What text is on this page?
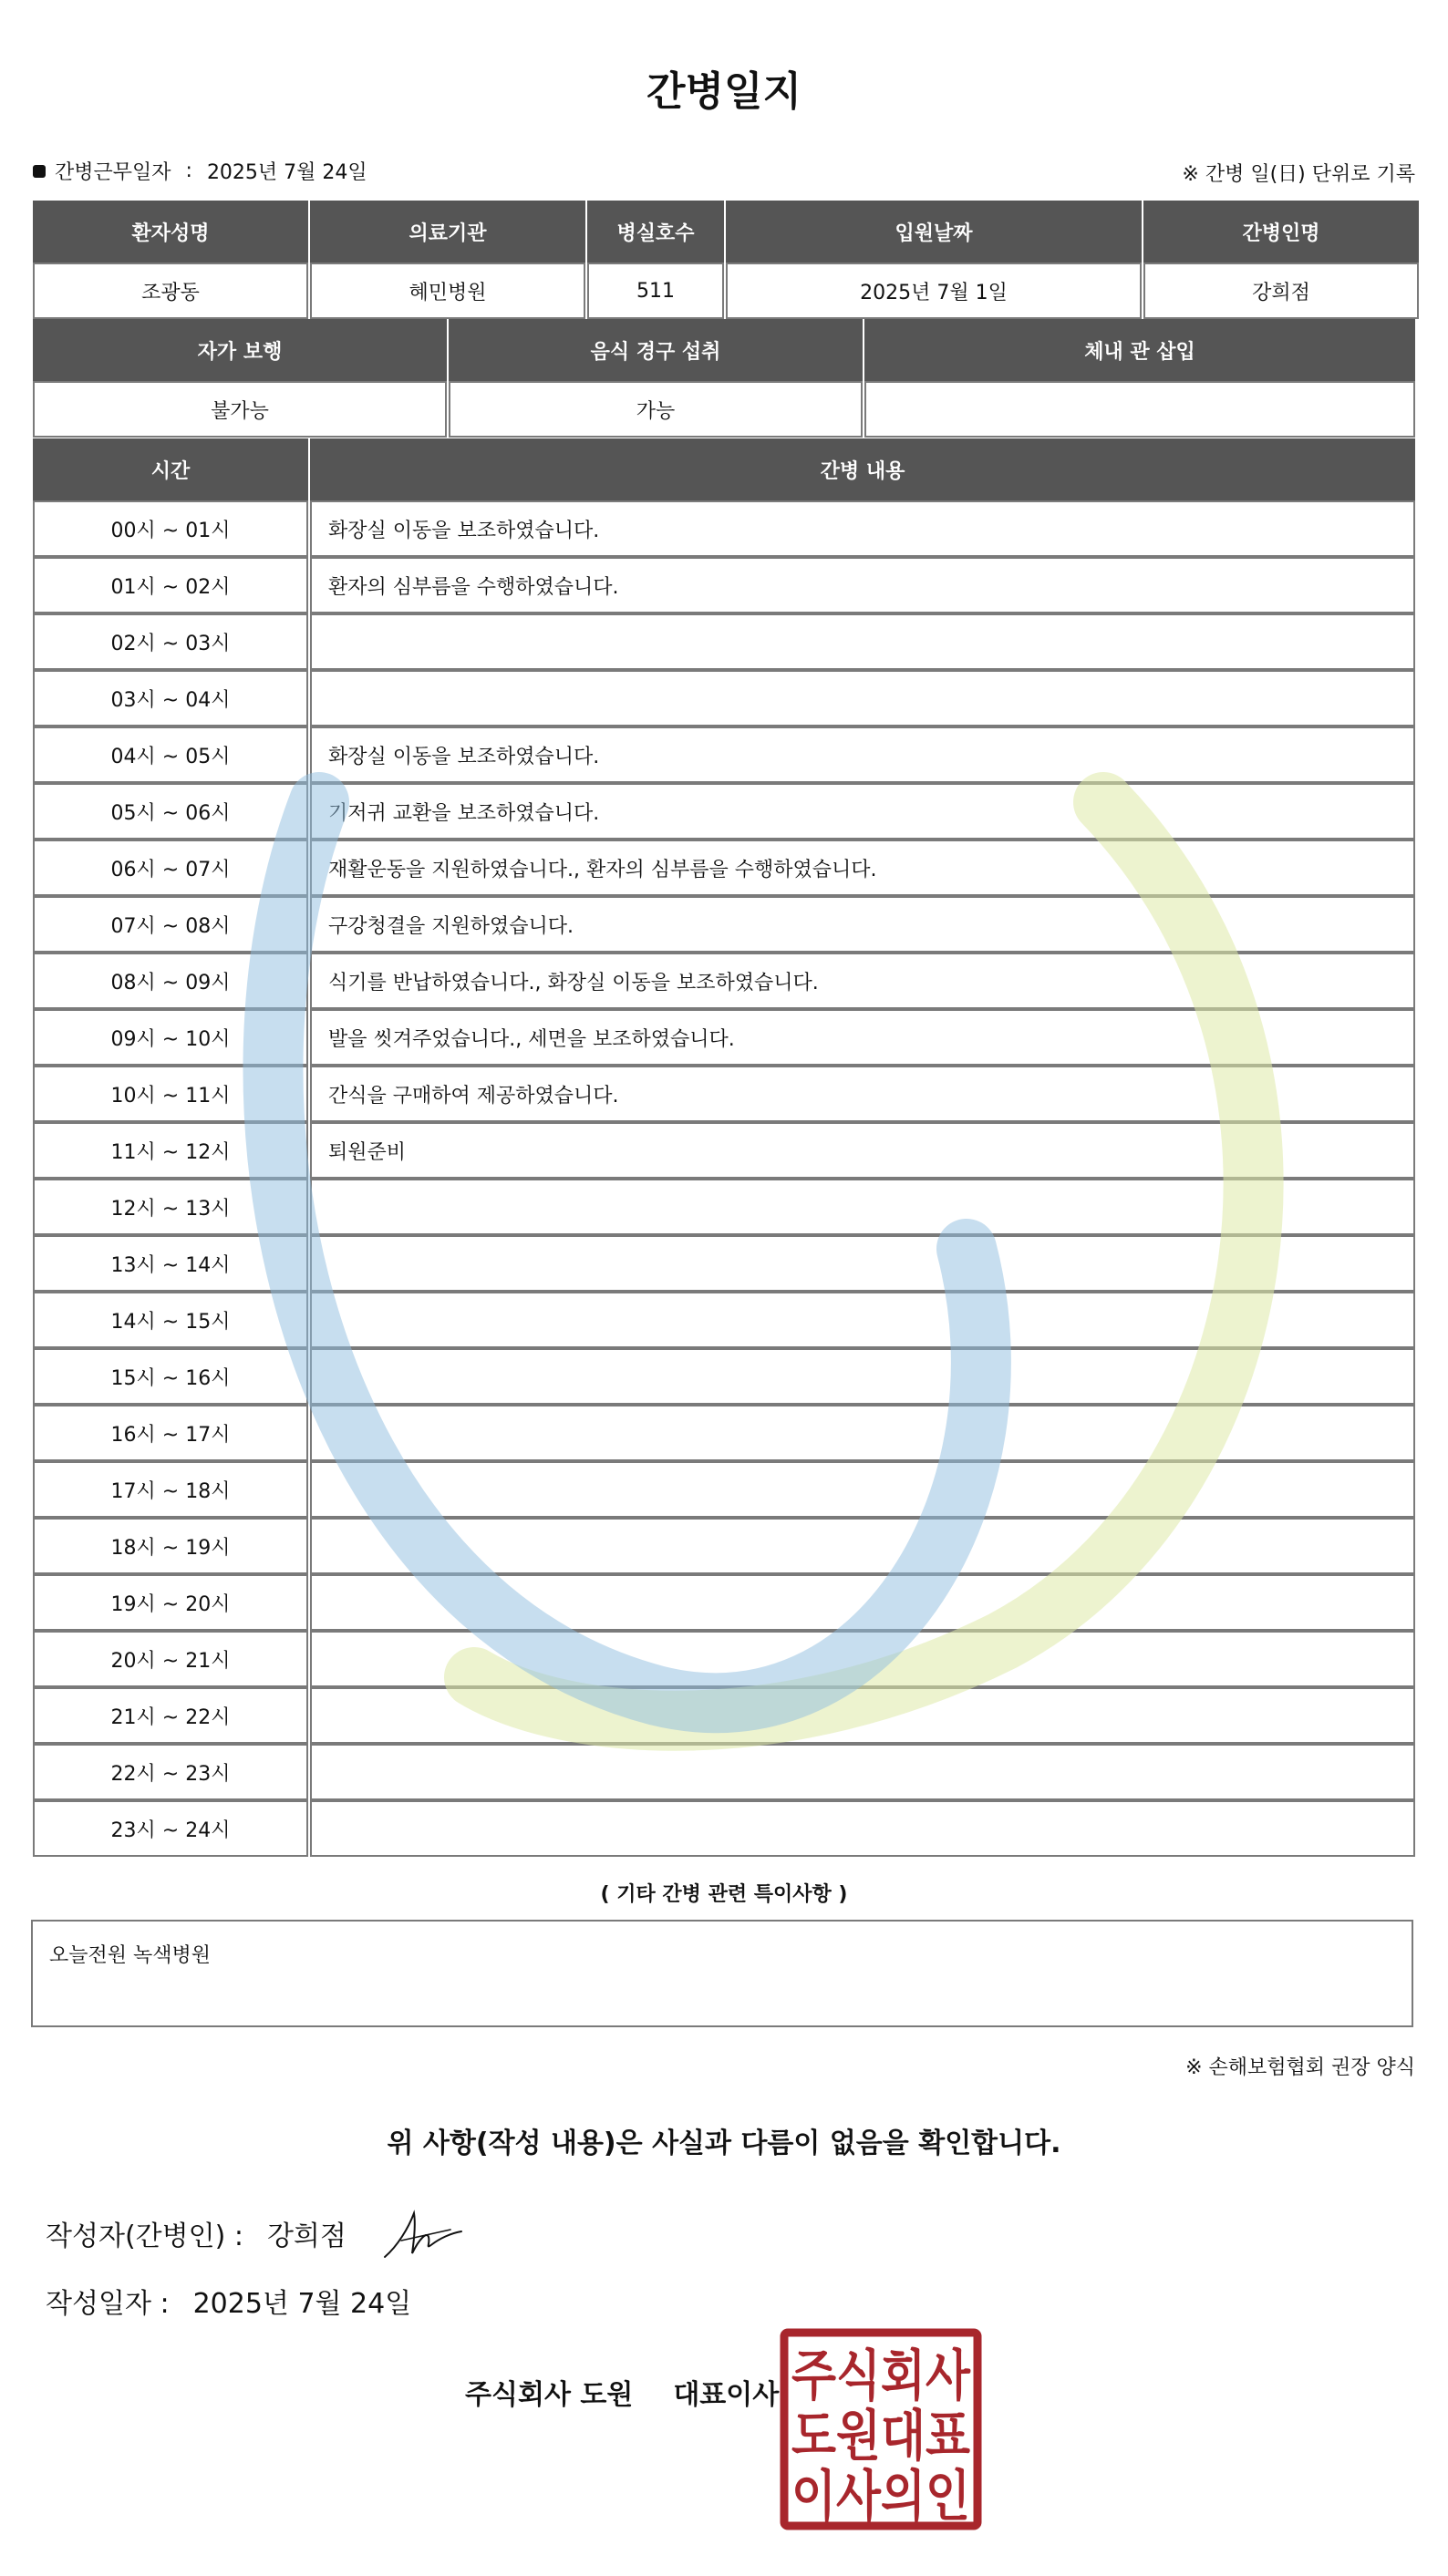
간병일지
간병근무일자 : 2025년 7월 24일	※ 간병 일(日) 단위로 기록
환자성명	의료기관	병실호수	입원날짜	간병인명
조광동	혜민병원	511	2025년 7월 1일	강희점
자가 보행	음식 경구 섭취	체내 관 삽입
불가능	가능	
시간	간병 내용
00시 ~ 01시	화장실 이동을 보조하였습니다.
01시 ~ 02시	환자의 심부름을 수행하였습니다.
02시 ~ 03시	
03시 ~ 04시	
04시 ~ 05시	화장실 이동을 보조하였습니다.
05시 ~ 06시	기저귀 교환을 보조하였습니다.
06시 ~ 07시	재활운동을 지원하였습니다., 환자의 심부름을 수행하였습니다.
07시 ~ 08시	구강청결을 지원하였습니다.
08시 ~ 09시	식기를 반납하였습니다., 화장실 이동을 보조하였습니다.
09시 ~ 10시	발을 씻겨주었습니다., 세면을 보조하였습니다.
10시 ~ 11시	간식을 구매하여 제공하였습니다.
11시 ~ 12시	퇴원준비
12시 ~ 13시	
13시 ~ 14시	
14시 ~ 15시	
15시 ~ 16시	
16시 ~ 17시	
17시 ~ 18시	
18시 ~ 19시	
19시 ~ 20시	
20시 ~ 21시	
21시 ~ 22시	
22시 ~ 23시	
23시 ~ 24시	
( 기타 간병 관련 특이사항 )
오늘전원 녹색병원
※ 손해보험협회 권장 양식
위 사항(작성 내용)은 사실과 다름이 없음을 확인합니다.
작성자(간병인) : 강희점
작성일자 : 2025년 7월 24일
주식회사 도원 대표이사 주식회사
도원대표
이사의인
